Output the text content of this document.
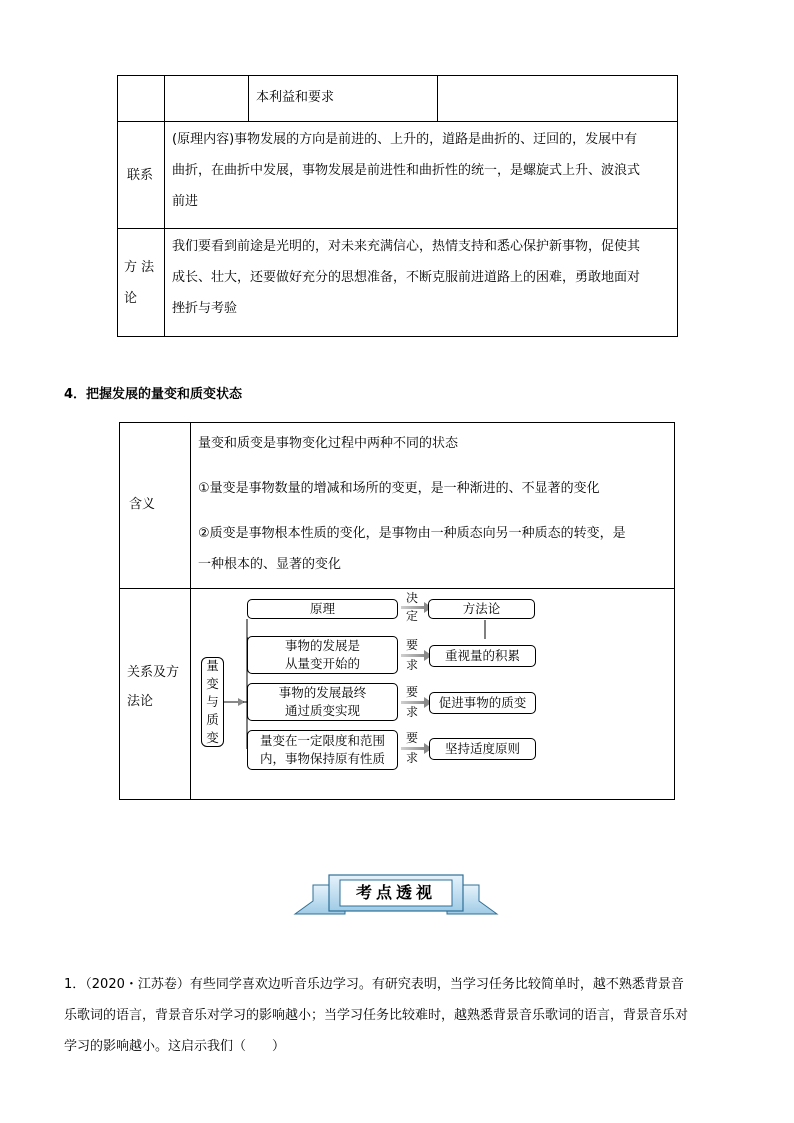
本利益和要求
联系
(原理内容)事物发展的方向是前进的、上升的，道路是曲折的、迂回的，发展中有
曲折，在曲折中发展，事物发展是前进性和曲折性的统一，是螺旋式上升、波浪式
前进
方 法
论
我们要看到前途是光明的，对未来充满信心，热情支持和悉心保护新事物，促使其
成长、壮大，还要做好充分的思想准备，不断克服前进道路上的困难，勇敢地面对
挫折与考验
4．把握发展的量变和质变状态
含义
量变和质变是事物变化过程中两种不同的状态
①量变是事物数量的增减和场所的变更，是一种渐进的、不显著的变化
②质变是事物根本性质的变化，是事物由一种质态向另一种质态的转变，是
一种根本的、显著的变化
关系及方
法论
量
变
与
质
变
原理	方法论
事物的发展是
从量变开始的
事物的发展最终
通过质变实现
量变在一定限度和范围
内，事物保持原有性质
重视量的积累
促进事物的质变
坚持适度原则
决
定
要
求
要
求
要
求
考点透视
1．（2020・江苏卷）有些同学喜欢边听音乐边学习。有研究表明，当学习任务比较简单时，越不熟悉背景音
乐歌词的语言，背景音乐对学习的影响越小；当学习任务比较难时，越熟悉背景音乐歌词的语言，背景音乐对
学习的影响越小。这启示我们（　　）
